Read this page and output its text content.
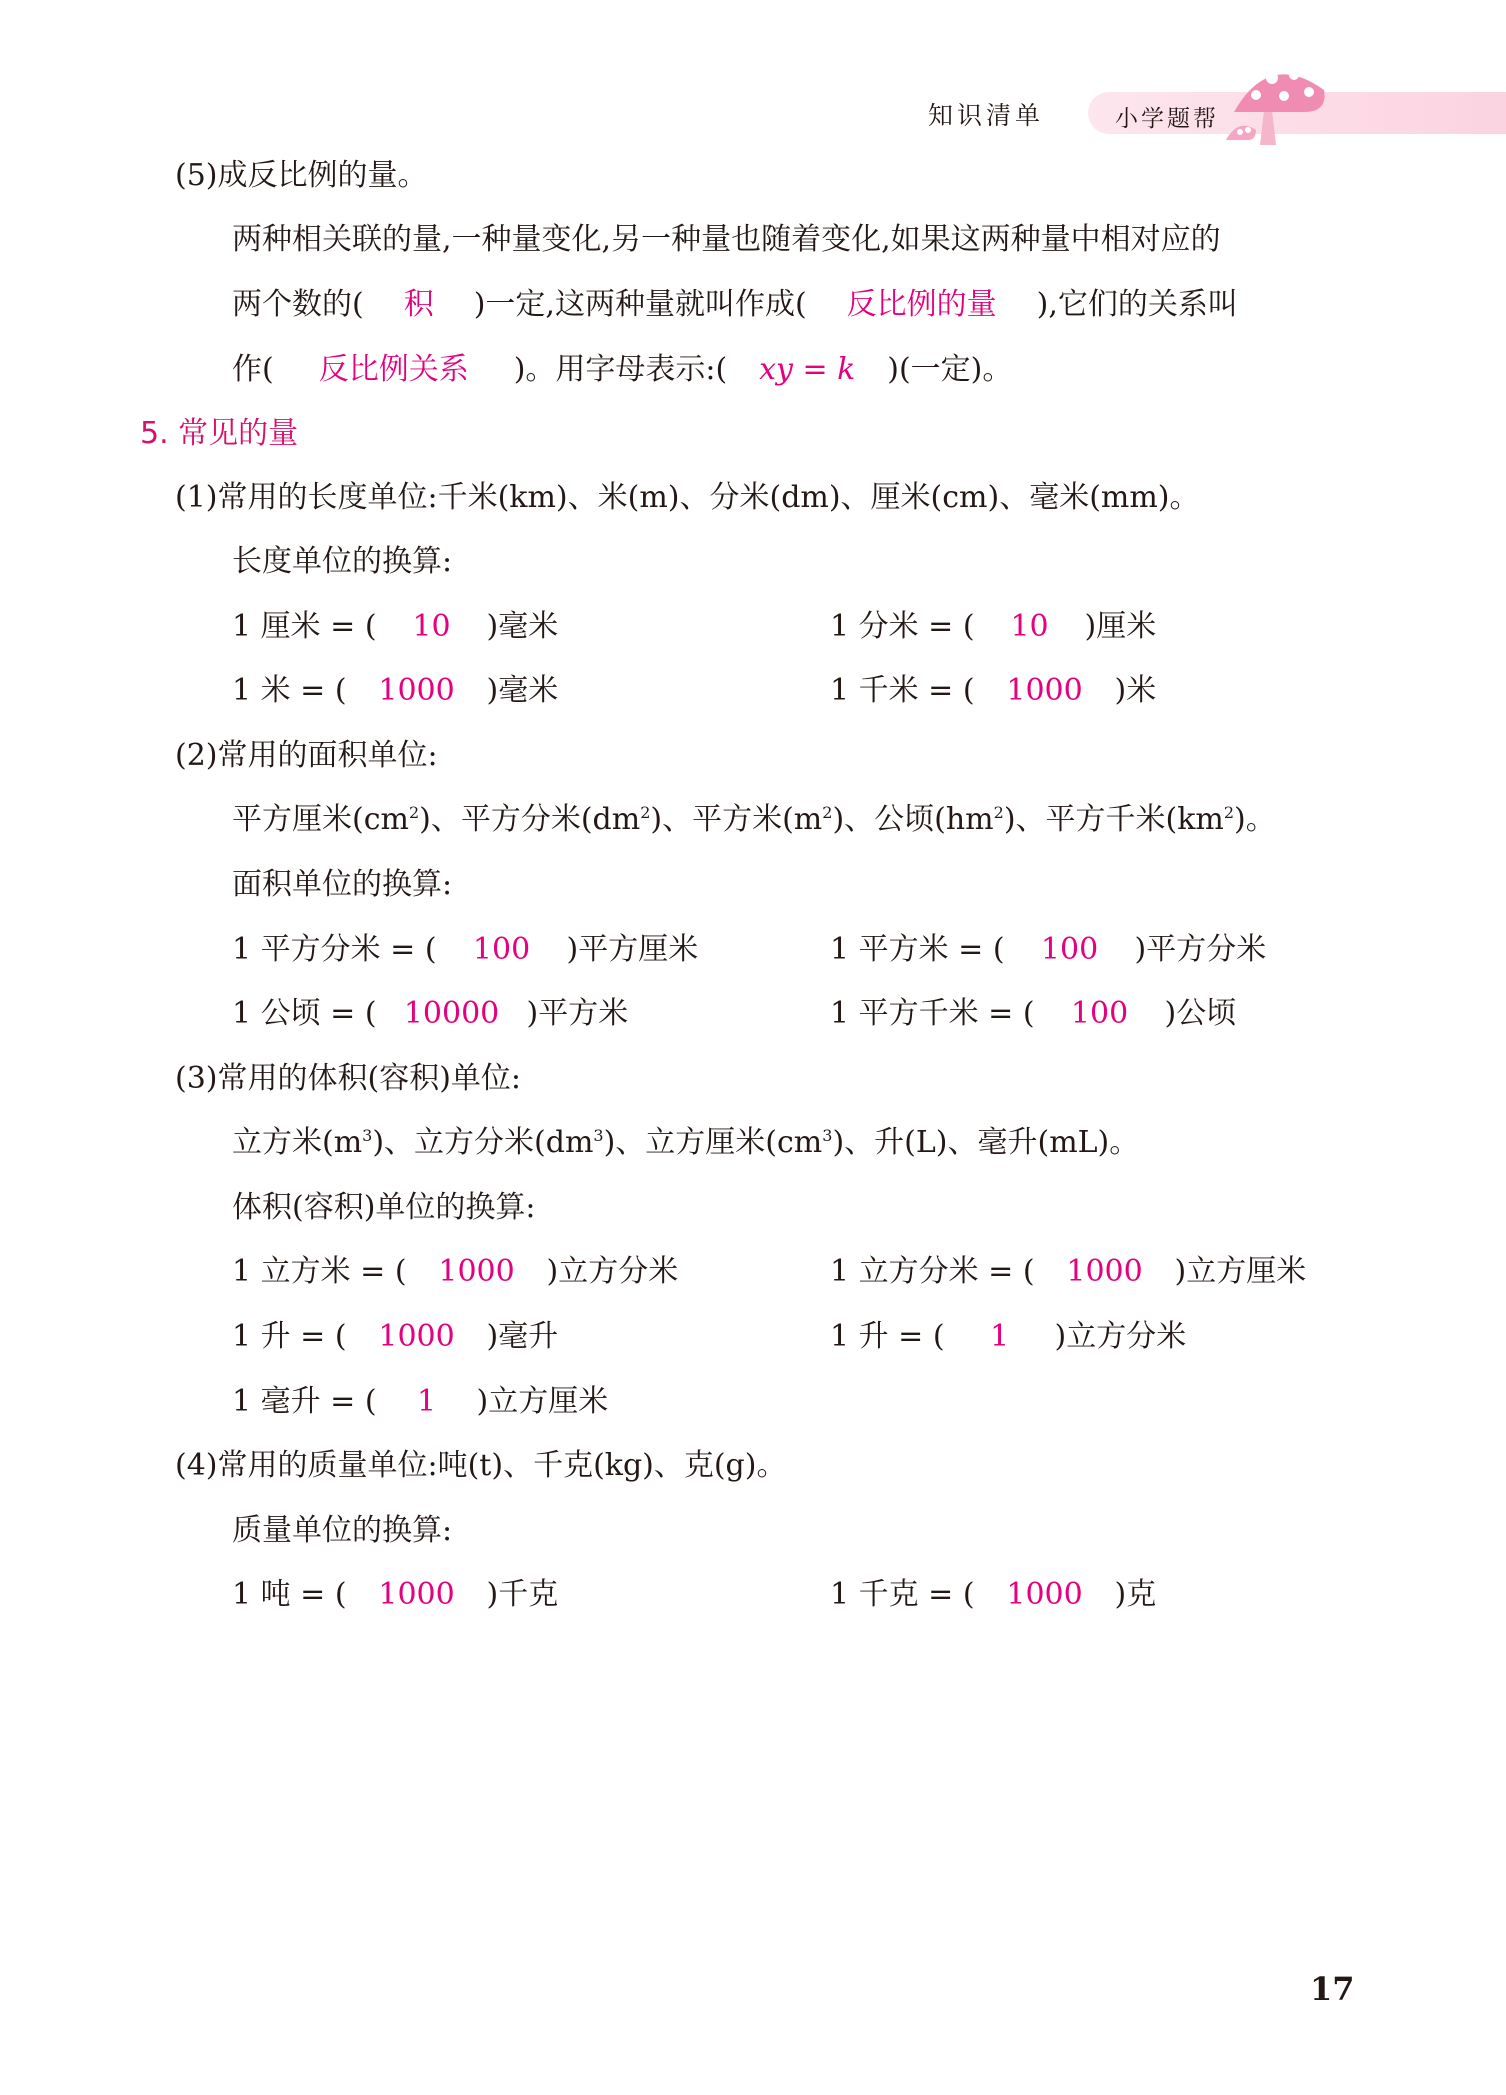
知识清单	小学题帮
(5)成反比例的量。
两种相关联的量,一种量变化,另一种量也随着变化,如果这两种量中相对应的
两个数的( 积 )一定,这两种量就叫作成( 反比例的量 ),它们的关系叫
作( 反比例关系 )。用字母表示:( xy = k )(一定)。
5. 常见的量
(1)常用的长度单位:千米(km)、米(m)、分米(dm)、厘米(cm)、毫米(mm)。
长度单位的换算:
1 厘米 = ( 10 )毫米	1 分米 = ( 10 )厘米
1 米 = ( 1000 )毫米	1 千米 = ( 1000 )米
(2)常用的面积单位:
平方厘米$(cm^2)$、平方分米$(dm^2)$、平方米$(m^2)$、公顷$(hm^2)$、平方千米$(km^2)$。
面积单位的换算:
1 平方分米 = ( 100 )平方厘米	1 平方米 = ( 100 )平方分米
1 公顷 = ( 10000 )平方米	1 平方千米 = ( 100 )公顷
(3)常用的体积(容积)单位:
立方米$(m^3)$、立方分米$(dm^3)$、立方厘米$(cm^3)$、升(L)、毫升(mL)。
体积(容积)单位的换算:
1 立方米 = ( 1000 )立方分米	1 立方分米 = ( 1000 )立方厘米
1 升 = ( 1000 )毫升	1 升 = ( 1 )立方分米
1 毫升 = ( 1 )立方厘米
(4)常用的质量单位:吨(t)、千克(kg)、克(g)。
质量单位的换算:
1 吨 = ( 1000 )千克	1 千克 = ( 1000 )克
17
